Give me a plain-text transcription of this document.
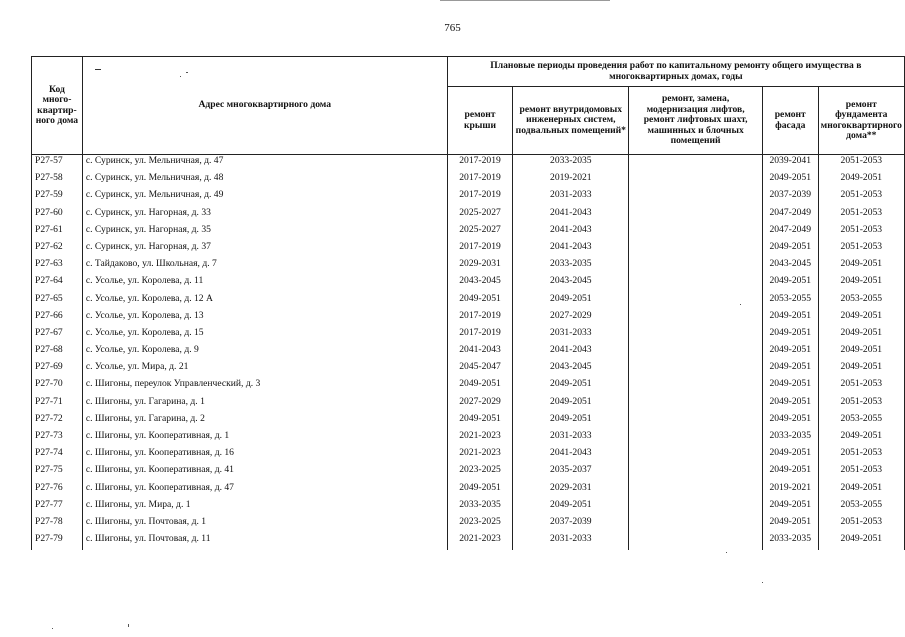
765
Код много-квартир-ного дома	Адрес многоквартирного дома	Плановые периоды проведения работ по капитальному ремонту общего имущества в многоквартирных домах, годы				
		ремонт крыши	ремонт внутридомовых инженерных систем, подвальных помещений*	ремонт, замена, модернизация лифтов, ремонт лифтовых шахт, машинных и блочных помещений	ремонт фасада	ремонт фундамента многоквартирного дома**
Р27-57	с. Суринск, ул. Мельничная, д. 47	2017-2019	2033-2035		2039-2041	2051-2053
Р27-58	с. Суринск, ул. Мельничная, д. 48	2017-2019	2019-2021		2049-2051	2049-2051
Р27-59	с. Суринск, ул. Мельничная, д. 49	2017-2019	2031-2033		2037-2039	2051-2053
Р27-60	с. Суринск, ул. Нагорная, д. 33	2025-2027	2041-2043		2047-2049	2051-2053
Р27-61	с. Суринск, ул. Нагорная, д. 35	2025-2027	2041-2043		2047-2049	2051-2053
Р27-62	с. Суринск, ул. Нагорная, д. 37	2017-2019	2041-2043		2049-2051	2051-2053
Р27-63	с. Тайдаково, ул. Школьная, д. 7	2029-2031	2033-2035		2043-2045	2049-2051
Р27-64	с. Усолье, ул. Королева, д. 11	2043-2045	2043-2045		2049-2051	2049-2051
Р27-65	с. Усолье, ул. Королева, д. 12 А	2049-2051	2049-2051		2053-2055	2053-2055
Р27-66	с. Усолье, ул. Королева, д. 13	2017-2019	2027-2029		2049-2051	2049-2051
Р27-67	с. Усолье, ул. Королева, д. 15	2017-2019	2031-2033		2049-2051	2049-2051
Р27-68	с. Усолье, ул. Королева, д. 9	2041-2043	2041-2043		2049-2051	2049-2051
Р27-69	с. Усолье, ул. Мира, д. 21	2045-2047	2043-2045		2049-2051	2049-2051
Р27-70	с. Шигоны, переулок Управленческий, д. 3	2049-2051	2049-2051		2049-2051	2051-2053
Р27-71	с. Шигоны, ул. Гагарина, д. 1	2027-2029	2049-2051		2049-2051	2051-2053
Р27-72	с. Шигоны, ул. Гагарина, д. 2	2049-2051	2049-2051		2049-2051	2053-2055
Р27-73	с. Шигоны, ул. Кооперативная, д. 1	2021-2023	2031-2033		2033-2035	2049-2051
Р27-74	с. Шигоны, ул. Кооперативная, д. 16	2021-2023	2041-2043		2049-2051	2051-2053
Р27-75	с. Шигоны, ул. Кооперативная, д. 41	2023-2025	2035-2037		2049-2051	2051-2053
Р27-76	с. Шигоны, ул. Кооперативная, д. 47	2049-2051	2029-2031		2019-2021	2049-2051
Р27-77	с. Шигоны, ул. Мира, д. 1	2033-2035	2049-2051		2049-2051	2053-2055
Р27-78	с. Шигоны, ул. Почтовая, д. 1	2023-2025	2037-2039		2049-2051	2051-2053
Р27-79	с. Шигоны, ул. Почтовая, д. 11	2021-2023	2031-2033		2033-2035	2049-2051
